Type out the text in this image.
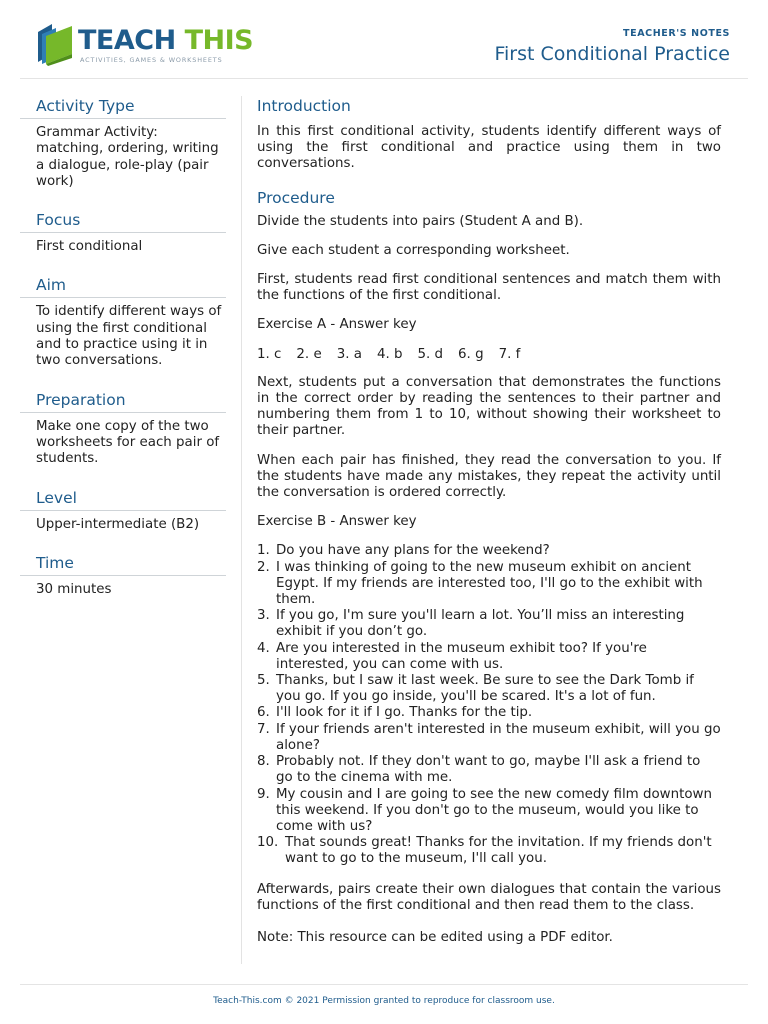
TEACH THIS
ACTIVITIES, GAMES & WORKSHEETS
TEACHER'S NOTES
First Conditional Practice
Activity Type
Grammar Activity: matching, ordering, writing a dialogue, role-play (pair work)
Focus
First conditional
Aim
To identify different ways of using the first conditional and to practice using it in two conversations.
Preparation
Make one copy of the two worksheets for each pair of students.
Level
Upper-intermediate (B2)
Time
30 minutes
Introduction

In this first conditional activity, students identify different ways of using the first conditional and practice using them in two conversations.

Procedure

Divide the students into pairs (Student A and B).

Give each student a corresponding worksheet.

First, students read first conditional sentences and match them with the functions of the first conditional.

Exercise A - Answer key

1. c 2. e 3. a 4. b 5. d 6. g 7. f

Next, students put a conversation that demonstrates the functions in the correct order by reading the sentences to their partner and numbering them from 1 to 10, without showing their worksheet to their partner.

When each pair has finished, they read the conversation to you. If the students have made any mistakes, they repeat the activity until the conversation is ordered correctly.

Exercise B - Answer key

1. Do you have any plans for the weekend?
2. I was thinking of going to the new museum exhibit on ancient Egypt. If my friends are interested too, I'll go to the exhibit with them.
3. If you go, I'm sure you'll learn a lot. You’ll miss an interesting exhibit if you don’t go.
4. Are you interested in the museum exhibit too? If you're interested, you can come with us.
5. Thanks, but I saw it last week. Be sure to see the Dark Tomb if you go. If you go inside, you'll be scared. It's a lot of fun.
6. I'll look for it if I go. Thanks for the tip.
7. If your friends aren't interested in the museum exhibit, will you go alone?
8. Probably not. If they don't want to go, maybe I'll ask a friend to go to the cinema with me.
9. My cousin and I are going to see the new comedy film downtown this weekend. If you don't go to the museum, would you like to come with us?
10. That sounds great! Thanks for the invitation. If my friends don't want to go to the museum, I'll call you.

Afterwards, pairs create their own dialogues that contain the various functions of the first conditional and then read them to the class.

Note: This resource can be edited using a PDF editor.

Teach-This.com © 2021 Permission granted to reproduce for classroom use.
